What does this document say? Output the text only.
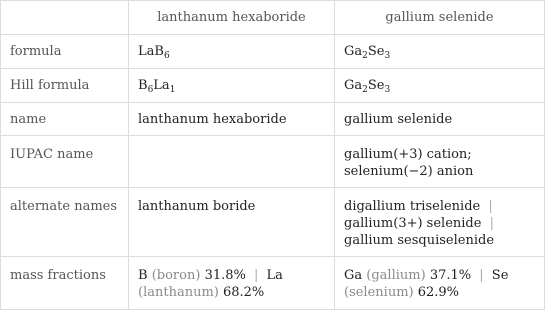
	lanthanum hexaboride	gallium selenide
formula	LaB$_6$	$Ga_2Se_3$
Hill formula	$B_6La_1$	$Ga_2Se_3$
name	lanthanum hexaboride	gallium selenide
IUPAC name		gallium(+3) cation;
selenium(−2) anion

alternate names	lanthanum boride	digallium triselenide |
gallium(3+) selenide |
gallium sesquiselenide

mass fractions	B (boron) 31.8% | La
(lanthanum) 68.2%	Ga (gallium) 37.1% | Se
(selenium) 62.9%
